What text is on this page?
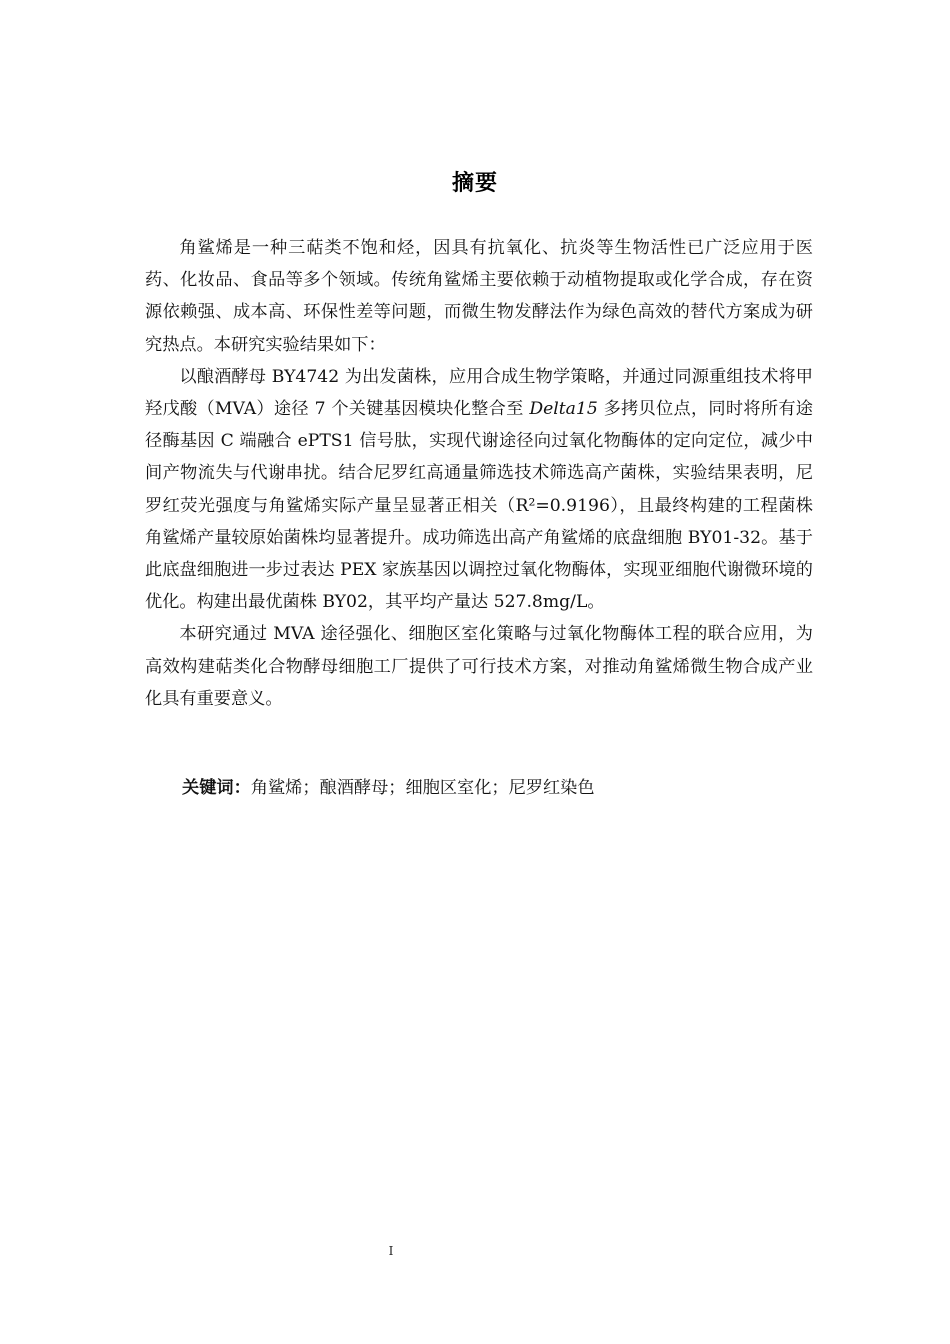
摘要

角鲨烯是一种三萜类不饱和烃，因具有抗氧化、抗炎等生物活性已广泛应用于医药、化妆品、食品等多个领域。传统角鲨烯主要依赖于动植物提取或化学合成，存在资源依赖强、成本高、环保性差等问题，而微生物发酵法作为绿色高效的替代方案成为研究热点。本研究实验结果如下：

以酿酒酵母 BY4742 为出发菌株，应用合成生物学策略，并通过同源重组技术将甲羟戊酸（MVA）途径 7 个关键基因模块化整合至 Delta15 多拷贝位点，同时将所有途径酶基因 C 端融合 ePTS1 信号肽，实现代谢途径向过氧化物酶体的定向定位，减少中间产物流失与代谢串扰。结合尼罗红高通量筛选技术筛选高产菌株，实验结果表明，尼罗红荧光强度与角鲨烯实际产量呈显著正相关（R²=0.9196），且最终构建的工程菌株角鲨烯产量较原始菌株均显著提升。成功筛选出高产角鲨烯的底盘细胞 BY01-32。基于此底盘细胞进一步过表达 PEX 家族基因以调控过氧化物酶体，实现亚细胞代谢微环境的优化。构建出最优菌株 BY02，其平均产量达 527.8mg/L。

本研究通过 MVA 途径强化、细胞区室化策略与过氧化物酶体工程的联合应用，为高效构建萜类化合物酵母细胞工厂提供了可行技术方案，对推动角鲨烯微生物合成产业化具有重要意义。

关键词：角鲨烯；酿酒酵母；细胞区室化；尼罗红染色
I
